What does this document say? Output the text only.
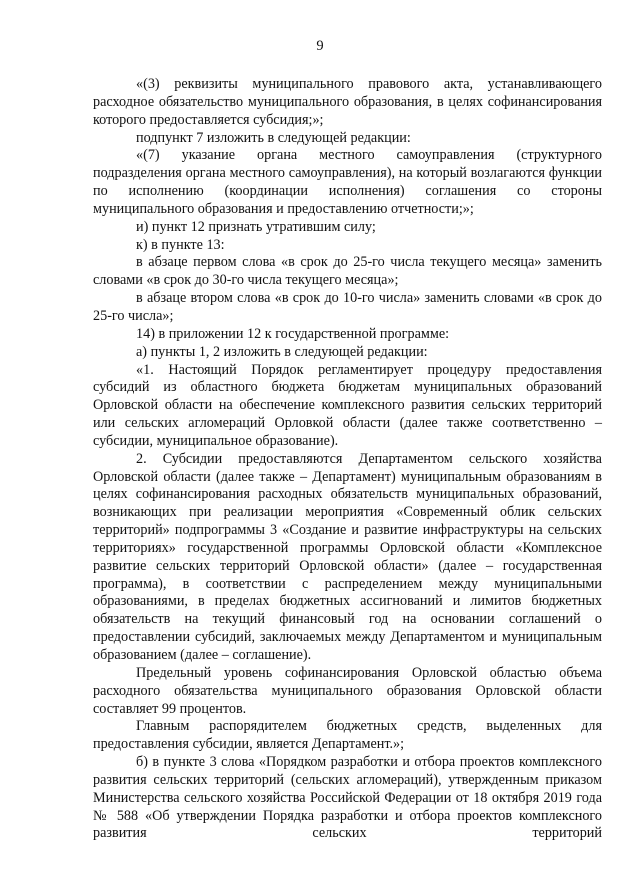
9

«(3) реквизиты муниципального правового акта, устанавливающего расходное обязательство муниципального образования, в целях софинансирования которого предоставляется субсидия;»;

подпункт 7 изложить в следующей редакции:

«(7) указание органа местного самоуправления (структурного подразделения органа местного самоуправления), на который возлагаются функции по исполнению (координации исполнения) соглашения со стороны муниципального образования и предоставлению отчетности;»;

и) пункт 12 признать утратившим силу;

к) в пункте 13:

в абзаце первом слова «в срок до 25-го числа текущего месяца» заменить словами «в срок до 30-го числа текущего месяца»;

в абзаце втором слова «в срок до 10-го числа» заменить словами «в срок до 25-го числа»;

14) в приложении 12 к государственной программе:

а) пункты 1, 2 изложить в следующей редакции:

«1. Настоящий Порядок регламентирует процедуру предоставления субсидий из областного бюджета бюджетам муниципальных образований Орловской области на обеспечение комплексного развития сельских территорий или сельских агломераций Орловкой области (далее также соответственно – субсидии, муниципальное образование).

2. Субсидии предоставляются Департаментом сельского хозяйства Орловской области (далее также – Департамент) муниципальным образованиям в целях софинансирования расходных обязательств муниципальных образований, возникающих при реализации мероприятия «Современный облик сельских территорий» подпрограммы 3 «Создание и развитие инфраструктуры на сельских территориях» государственной программы Орловской области «Комплексное развитие сельских территорий Орловской области» (далее – государственная программа), в соответствии с распределением между муниципальными образованиями, в пределах бюджетных ассигнований и лимитов бюджетных обязательств на текущий финансовый год на основании соглашений о предоставлении субсидий, заключаемых между Департаментом и муниципальным образованием (далее – соглашение).

Предельный уровень софинансирования Орловской областью объема расходного обязательства муниципального образования Орловской области составляет 99 процентов.

Главным распорядителем бюджетных средств, выделенных для предоставления субсидии, является Департамент.»;

б) в пункте 3 слова «Порядком разработки и отбора проектов комплексного развития сельских территорий (сельских агломераций), утвержденным приказом Министерства сельского хозяйства Российской Федерации от 18 октября 2019 года № 588 «Об утверждении Порядка разработки и отбора проектов комплексного развития сельских территорий
